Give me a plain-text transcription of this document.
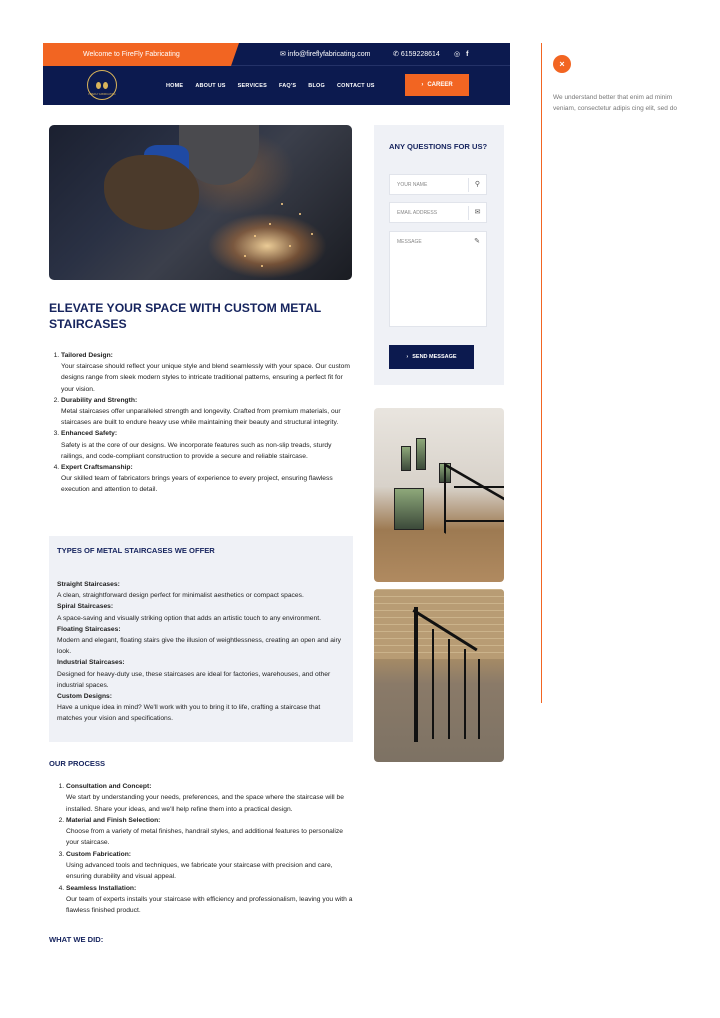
Welcome to FireFly Fabricating	✉ info@fireflyfabricating.com	✆ 6159228614 ◎ f
FIREFLY FABRICATING
HOME ABOUT US SERVICES FAQ'S BLOG CONTACT US	› CAREER
ELEVATE YOUR SPACE WITH CUSTOM METAL STAIRCASES
1. Tailored Design:
Your staircase should reflect your unique style and blend seamlessly with your space. Our custom designs range from sleek modern styles to intricate traditional patterns, ensuring a perfect fit for your vision.
2. Durability and Strength:
Metal staircases offer unparalleled strength and longevity. Crafted from premium materials, our staircases are built to endure heavy use while maintaining their beauty and structural integrity.
3. Enhanced Safety:
Safety is at the core of our designs. We incorporate features such as non-slip treads, sturdy railings, and code-compliant construction to provide a secure and reliable staircase.
4. Expert Craftsmanship:
Our skilled team of fabricators brings years of experience to every project, ensuring flawless execution and attention to detail.
TYPES OF METAL STAIRCASES WE OFFER
Straight Staircases:
A clean, straightforward design perfect for minimalist aesthetics or compact spaces.
Spiral Staircases:
A space-saving and visually striking option that adds an artistic touch to any environment.
Floating Staircases:
Modern and elegant, floating stairs give the illusion of weightlessness, creating an open and airy look.
Industrial Staircases:
Designed for heavy-duty use, these staircases are ideal for factories, warehouses, and other industrial spaces.
Custom Designs:
Have a unique idea in mind? We'll work with you to bring it to life, crafting a staircase that matches your vision and specifications.
OUR PROCESS
1. Consultation and Concept:
We start by understanding your needs, preferences, and the space where the staircase will be installed. Share your ideas, and we'll help refine them into a practical design.
2. Material and Finish Selection:
Choose from a variety of metal finishes, handrail styles, and additional features to personalize your staircase.
3. Custom Fabrication:
Using advanced tools and techniques, we fabricate your staircase with precision and care, ensuring durability and visual appeal.
4. Seamless Installation:
Our team of experts installs your staircase with efficiency and professionalism, leaving you with a flawless finished product.
WHAT WE DID:
ANY QUESTIONS FOR US?
YOUR NAME	⚲
EMAIL ADDRESS	✉
MESSAGE	✎
› SEND MESSAGE
×
We understand better that enim ad minim veniam, consectetur adipis cing elit, sed do
